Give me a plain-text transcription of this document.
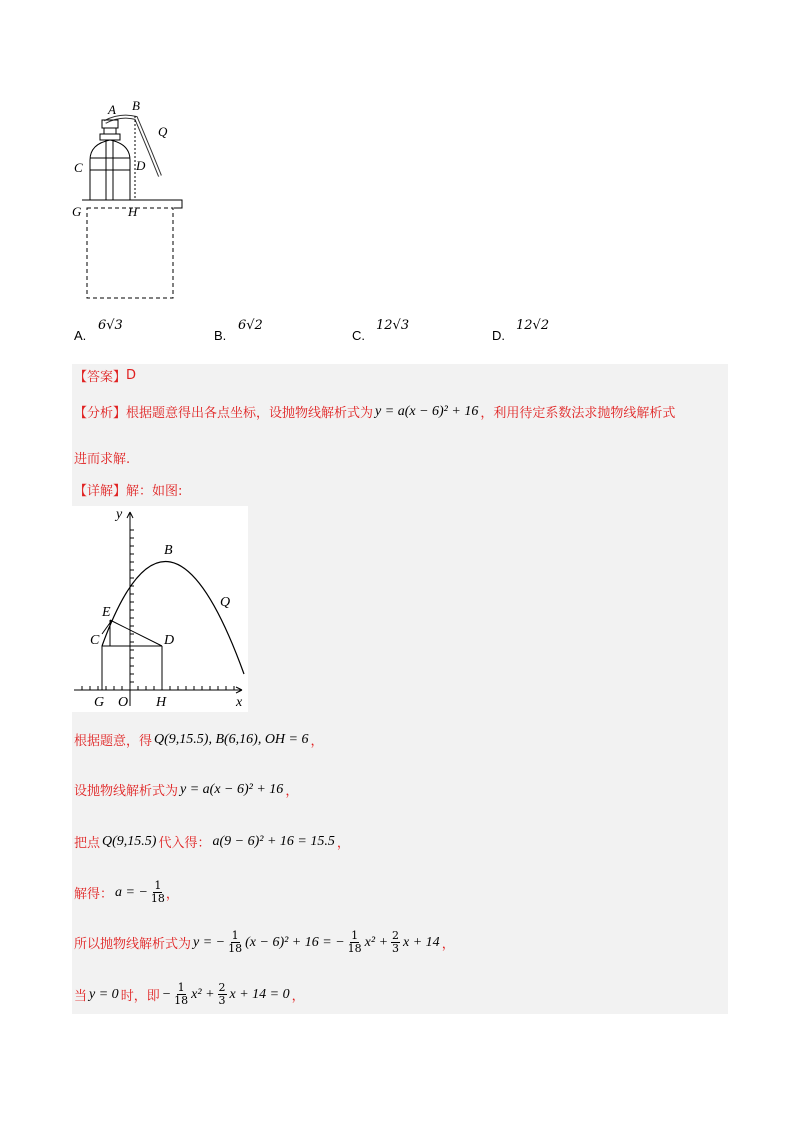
A B
Q
C	D
G	H
A.
6√3
B.
6√2
C.
12√3
D.
12√2
【答案】 D
【分析】 根据题意得出各点坐标，设抛物线解析式为 y = a(x − 6)² + 16 ，利用待定系数法求抛物线解析式
进而求解.
【详解】 解：如图:
y
B
Q
E
C	D
G O H	x
根据题意，得 Q(9,15.5), B(6,16), OH = 6 ，
设抛物线解析式为 y = a(x − 6)² + 16 ，
把点 Q(9,15.5) 代入得： a(9 − 6)² + 16 = 15.5 ，
解得： a = − $\frac{1}{18}$ ，
所以抛物线解析式为 y = − $\frac{1}{18} (x - 6)^2 + 16$ = − $\frac{1}{18} x^2 + \frac{2}{3}$ x + 14 ，
当 y = 0 时，即 − $\frac{1}{18} x^2 + \frac{2}{3}$ x + 14 = 0 ，
